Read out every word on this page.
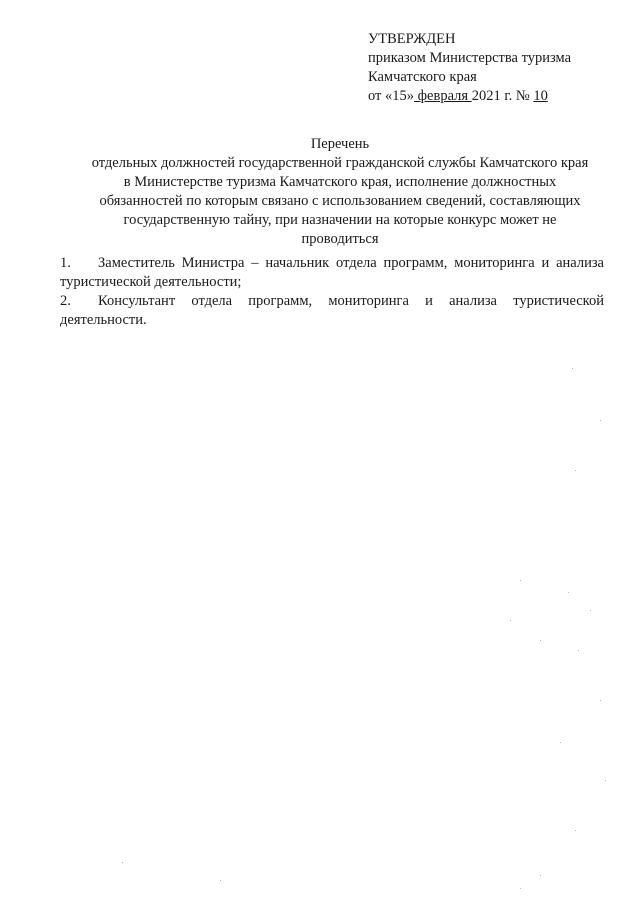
УТВЕРЖДЕН
приказом Министерства туризма
Камчатского края
от «15» февраля 2021 г. № 10
Перечень
отдельных должностей государственной гражданской службы Камчатского края
в Министерстве туризма Камчатского края, исполнение должностных
обязанностей по которым связано с использованием сведений, составляющих
государственную тайну, при назначении на которые конкурс может не
проводиться
1.	Заместитель Министра – начальник отдела программ, мониторинга и анализа
туристической деятельности;
2.	Консультант отдела программ, мониторинга и анализа туристической
деятельности.
